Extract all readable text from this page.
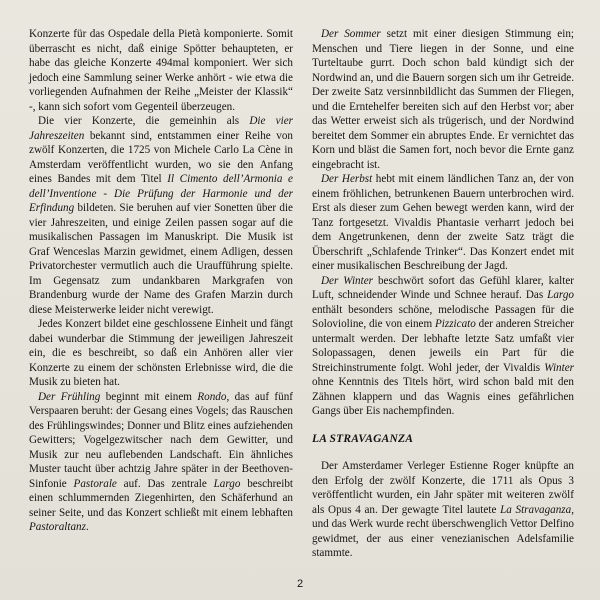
Konzerte für das Ospedale della Pietà komponierte. Somit überrascht es nicht, daß einige Spötter behaupteten, er habe das gleiche Konzerte 494mal komponiert. Wer sich jedoch eine Sammlung seiner Werke anhört - wie etwa die vorliegenden Aufnahmen der Reihe „Meister der Klassik“ -, kann sich sofort vom Gegenteil überzeugen.

Die vier Konzerte, die gemeinhin als Die vier Jahreszeiten bekannt sind, entstammen einer Reihe von zwölf Konzerten, die 1725 von Michele Carlo La Cène in Amsterdam veröffentlicht wurden, wo sie den Anfang eines Bandes mit dem Titel Il Cimento dell’Armonia e dell’Inventione - Die Prüfung der Harmonie und der Erfindung bildeten. Sie beruhen auf vier Sonetten über die vier Jahreszeiten, und einige Zeilen passen sogar auf die musikalischen Passagen im Manuskript. Die Musik ist Graf Wenceslas Marzin gewidmet, einem Adligen, dessen Privatorchester vermutlich auch die Uraufführung spielte. Im Gegensatz zum undankbaren Markgrafen von Brandenburg wurde der Name des Grafen Marzin durch diese Meisterwerke leider nicht verewigt.

Jedes Konzert bildet eine geschlossene Einheit und fängt dabei wunderbar die Stimmung der jeweiligen Jahreszeit ein, die es beschreibt, so daß ein Anhören aller vier Konzerte zu einem der schönsten Erlebnisse wird, die die Musik zu bieten hat.

Der Frühling beginnt mit einem Rondo, das auf fünf Verspaaren beruht: der Gesang eines Vogels; das Rauschen des Frühlingswindes; Donner und Blitz eines aufziehenden Gewitters; Vogelgezwitscher nach dem Gewitter, und Musik zur neu auflebenden Landschaft. Ein ähnliches Muster taucht über achtzig Jahre später in der Beethoven-Sinfonie Pastorale auf. Das zentrale Largo beschreibt einen schlummernden Ziegenhirten, den Schäferhund an seiner Seite, und das Konzert schließt mit einem lebhaften Pastoraltanz.

Der Sommer setzt mit einer diesigen Stimmung ein; Menschen und Tiere liegen in der Sonne, und eine Turteltaube gurrt. Doch schon bald kündigt sich der Nordwind an, und die Bauern sorgen sich um ihr Getreide. Der zweite Satz versinnbildlicht das Summen der Fliegen, und die Erntehelfer bereiten sich auf den Herbst vor; aber das Wetter erweist sich als trügerisch, und der Nordwind bereitet dem Sommer ein abruptes Ende. Er vernichtet das Korn und bläst die Samen fort, noch bevor die Ernte ganz eingebracht ist.

Der Herbst hebt mit einem ländlichen Tanz an, der von einem fröhlichen, betrunkenen Bauern unterbrochen wird. Erst als dieser zum Gehen bewegt werden kann, wird der Tanz fortgesetzt. Vivaldis Phantasie verharrt jedoch bei dem Angetrunkenen, denn der zweite Satz trägt die Überschrift „Schlafende Trinker“. Das Konzert endet mit einer musikalischen Beschreibung der Jagd.

Der Winter beschwört sofort das Gefühl klarer, kalter Luft, schneidender Winde und Schnee herauf. Das Largo enthält besonders schöne, melodische Passagen für die Solovioline, die von einem Pizzicato der anderen Streicher untermalt werden. Der lebhafte letzte Satz umfaßt vier Solopassagen, denen jeweils ein Part für die Streichinstrumente folgt. Wohl jeder, der Vivaldis Winter ohne Kenntnis des Titels hört, wird schon bald mit den Zähnen klappern und das Wagnis eines gefährlichen Gangs über Eis nachempfinden.

LA STRAVAGANZA

Der Amsterdamer Verleger Estienne Roger knüpfte an den Erfolg der zwölf Konzerte, die 1711 als Opus 3 veröffentlicht wurden, ein Jahr später mit weiteren zwölf als Opus 4 an. Der gewagte Titel lautete La Stravaganza, und das Werk wurde recht überschwenglich Vettor Delfino gewidmet, der aus einer venezianischen Adelsfamilie stammte.

2
